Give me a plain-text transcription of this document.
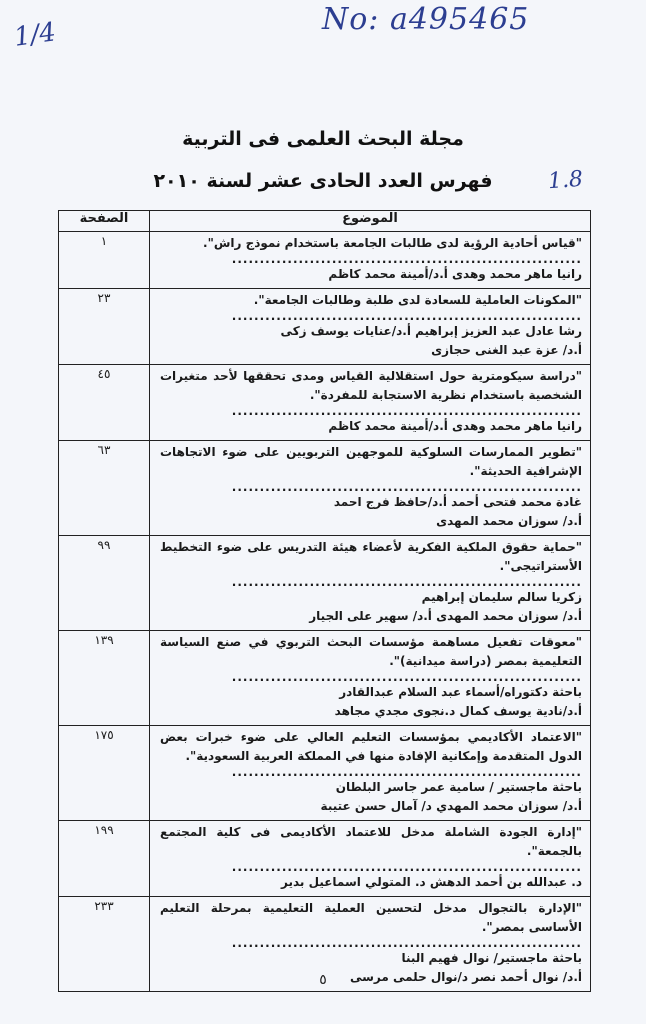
1/4	No: a495465
1.8
مجلة البحث العلمى فى التربية
فهرس العدد الحادى عشر لسنة ٢٠١٠
الموضوع	الصفحة

"قياس أحادية الرؤية لدى طالبات الجامعة باستخدام نموذج راش".
...............................................................
رانيا ماهر محمد وهدى أ.د/أمينة محمد كاظم	١

"المكونات العاملية للسعادة لدى طلبة وطالبات الجامعة".
...............................................................
رشا عادل عبد العزيز إبراهيم أ.د/عنايات يوسف زكى
أ.د/ عزة عبد الغنى حجازى	٢٣

"دراسة سيكومترية حول استقلالية القياس ومدى تحققها لأحد متغيرات الشخصية باستخدام نظرية الاستجابة للمفردة".
...............................................................
رانيا ماهر محمد وهدى أ.د/أمينة محمد كاظم	٤٥

"تطوير الممارسات السلوكية للموجهين التربويين على ضوء الاتجاهات الإشرافية الحديثة".
...............................................................
غادة محمد فتحى أحمد أ.د/حافظ فرج احمد
أ.د/ سوزان محمد المهدى	٦٣

"حماية حقوق الملكية الفكرية لأعضاء هيئة التدريس على ضوء التخطيط الأستراتيجى".
...............................................................
زكريا سالم سليمان إبراهيم
أ.د/ سوزان محمد المهدى أ.د/ سهير على الجيار	٩٩

"معوقات تفعيل مساهمة مؤسسات البحث التربوي في صنع السياسة التعليمية بمصر (دراسة ميدانية)".
...............................................................
باحثة دكتوراه/أسماء عبد السلام عبدالقادر
أ.د/نادية يوسف كمال د.نجوى مجدي مجاهد	١٣٩

"الاعتماد الأكاديمي بمؤسسات التعليم العالي على ضوء خبرات بعض الدول المتقدمة وإمكانية الإفادة منها في المملكة العربية السعودية".
...............................................................
باحثة ماجستير / سامية عمر جاسر البلطان
أ.د/ سوزان محمد المهدي د/ آمال حسن عتيبة	١٧٥

"إدارة الجودة الشاملة مدخل للاعتماد الأكاديمى فى كلية المجتمع بالجمعة".
...............................................................
د. عبدالله بن أحمد الدهش د. المتولي اسماعيل بدير	١٩٩

"الإدارة بالتجوال مدخل لتحسين العملية التعليمية بمرحلة التعليم الأساسى بمصر".
...............................................................
باحثة ماجستير/ نوال فهيم البنا
أ.د/ نوال أحمد نصر د/نوال حلمى مرسى	٢٣٣
٥
